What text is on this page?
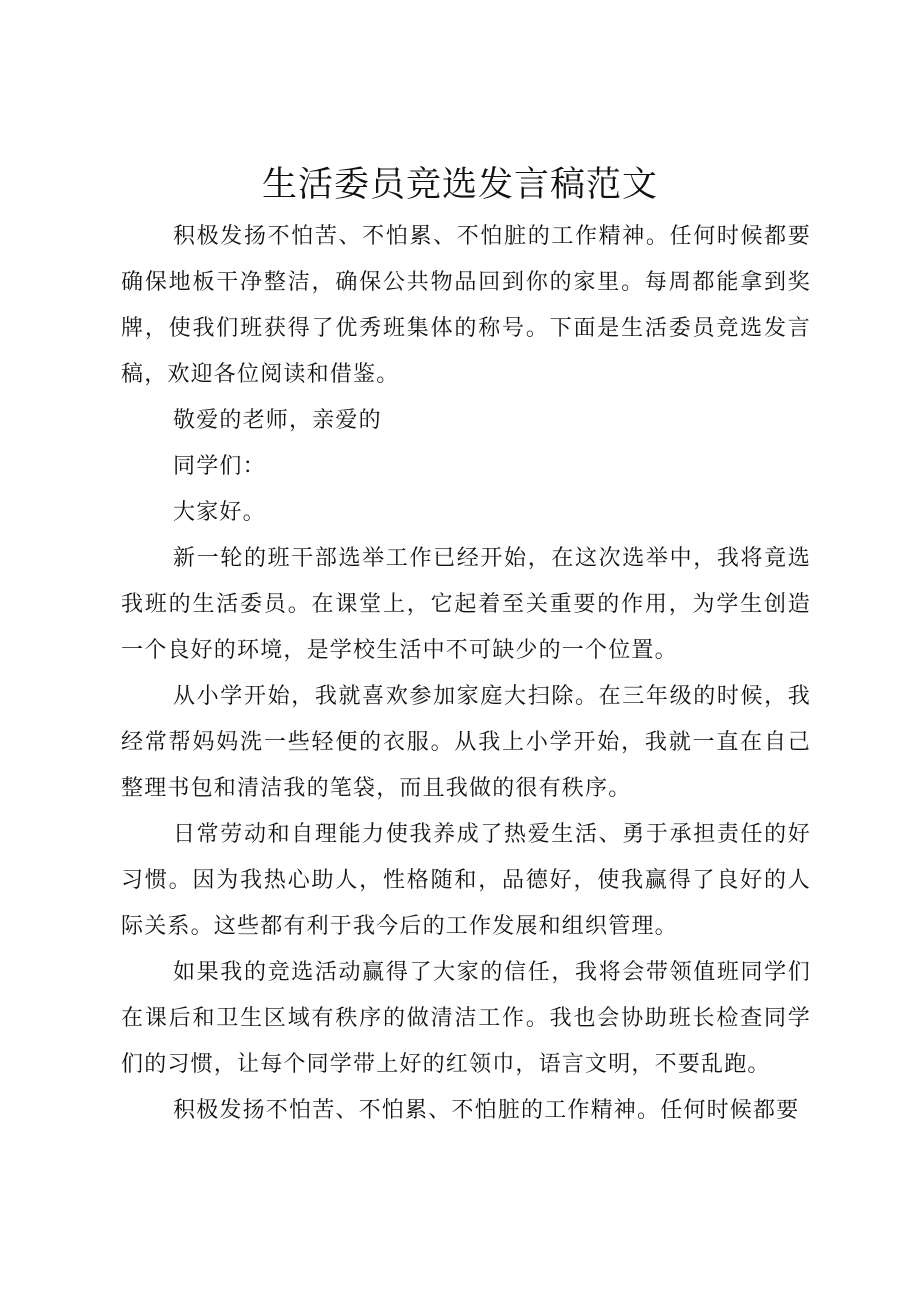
生活委员竞选发言稿范文

积极发扬不怕苦、不怕累、不怕脏的工作精神。任何时候都要确保地板干净整洁，确保公共物品回到你的家里。每周都能拿到奖牌，使我们班获得了优秀班集体的称号。下面是生活委员竞选发言稿，欢迎各位阅读和借鉴。

敬爱的老师，亲爱的

同学们：

大家好。

新一轮的班干部选举工作已经开始，在这次选举中，我将竟选我班的生活委员。在课堂上，它起着至关重要的作用，为学生创造一个良好的环境，是学校生活中不可缺少的一个位置。

从小学开始，我就喜欢参加家庭大扫除。在三年级的时候，我经常帮妈妈洗一些轻便的衣服。从我上小学开始，我就一直在自己整理书包和清洁我的笔袋，而且我做的很有秩序。

日常劳动和自理能力使我养成了热爱生活、勇于承担责任的好习惯。因为我热心助人，性格随和，品德好，使我赢得了良好的人际关系。这些都有利于我今后的工作发展和组织管理。

如果我的竞选活动赢得了大家的信任，我将会带领值班同学们在课后和卫生区域有秩序的做清洁工作。我也会协助班长检查同学们的习惯，让每个同学带上好的红领巾，语言文明，不要乱跑。

积极发扬不怕苦、不怕累、不怕脏的工作精神。任何时候都要
